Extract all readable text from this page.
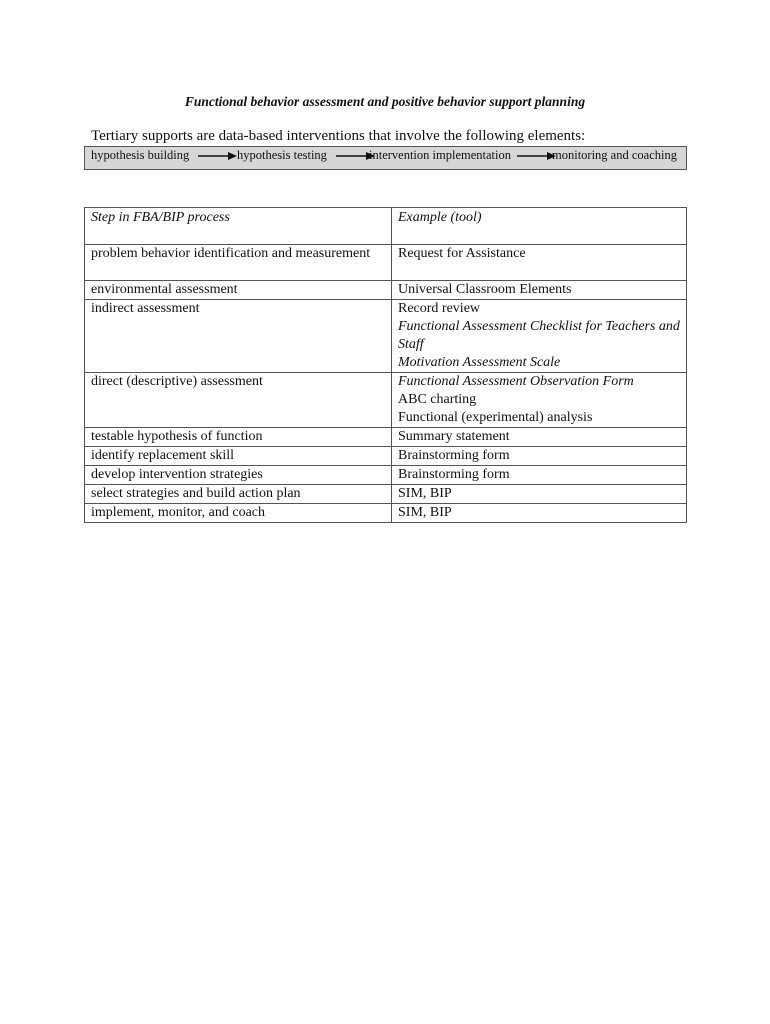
Functional behavior assessment and positive behavior support planning
Tertiary supports are data-based interventions that involve the following elements:
hypothesis building	hypothesis testing	intervention implementation	monitoring and coaching
Step in FBA/BIP process	Example (tool)
problem behavior identification and measurement	Request for Assistance

environmental assessment	Universal Classroom Elements

indirect assessment	Record review
Functional Assessment Checklist for Teachers and Staff
Motivation Assessment Scale

direct (descriptive) assessment	Functional Assessment Observation Form
ABC charting
Functional (experimental) analysis

testable hypothesis of function	Summary statement

identify replacement skill	Brainstorming form

develop intervention strategies	Brainstorming form

select strategies and build action plan	SIM, BIP

implement, monitor, and coach	SIM, BIP
